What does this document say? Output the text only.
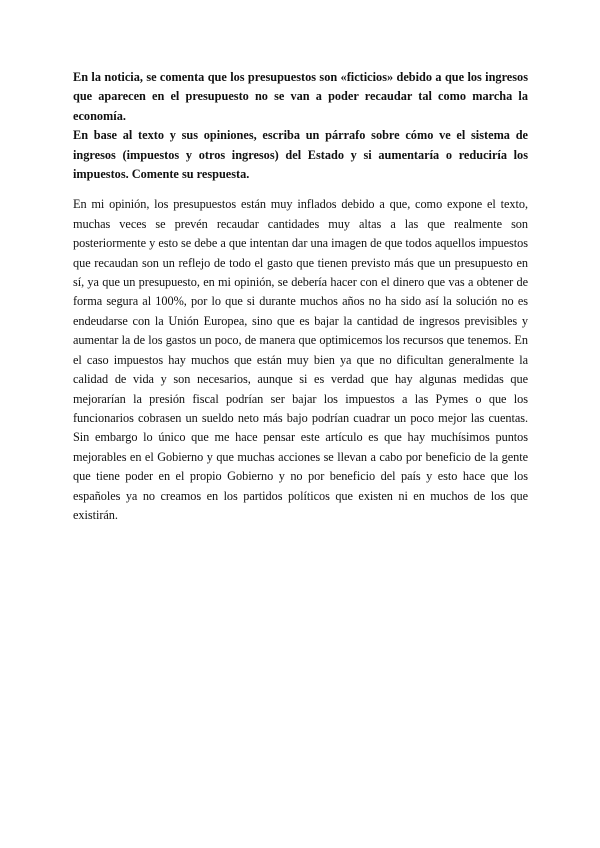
En la noticia, se comenta que los presupuestos son «ficticios» debido a que los ingresos que aparecen en el presupuesto no se van a poder recaudar tal como marcha la economía.

En base al texto y sus opiniones, escriba un párrafo sobre cómo ve el sistema de ingresos (impuestos y otros ingresos) del Estado y si aumentaría o reduciría los impuestos. Comente su respuesta.

En mi opinión, los presupuestos están muy inflados debido a que, como expone el texto, muchas veces se prevén recaudar cantidades muy altas a las que realmente son posteriormente y esto se debe a que intentan dar una imagen de que todos aquellos impuestos que recaudan son un reflejo de todo el gasto que tienen previsto más que un presupuesto en sí, ya que un presupuesto, en mi opinión, se debería hacer con el dinero que vas a obtener de forma segura al 100%, por lo que si durante muchos años no ha sido así la solución no es endeudarse con la Unión Europea, sino que es bajar la cantidad de ingresos previsibles y aumentar la de los gastos un poco, de manera que optimicemos los recursos que tenemos. En el caso impuestos hay muchos que están muy bien ya que no dificultan generalmente la calidad de vida y son necesarios, aunque si es verdad que hay algunas medidas que mejorarían la presión fiscal podrían ser bajar los impuestos a las Pymes o que los funcionarios cobrasen un sueldo neto más bajo podrían cuadrar un poco mejor las cuentas. Sin embargo lo único que me hace pensar este artículo es que hay muchísimos puntos mejorables en el Gobierno y que muchas acciones se llevan a cabo por beneficio de la gente que tiene poder en el propio Gobierno y no por beneficio del país y esto hace que los españoles ya no creamos en los partidos políticos que existen ni en muchos de los que existirán.
